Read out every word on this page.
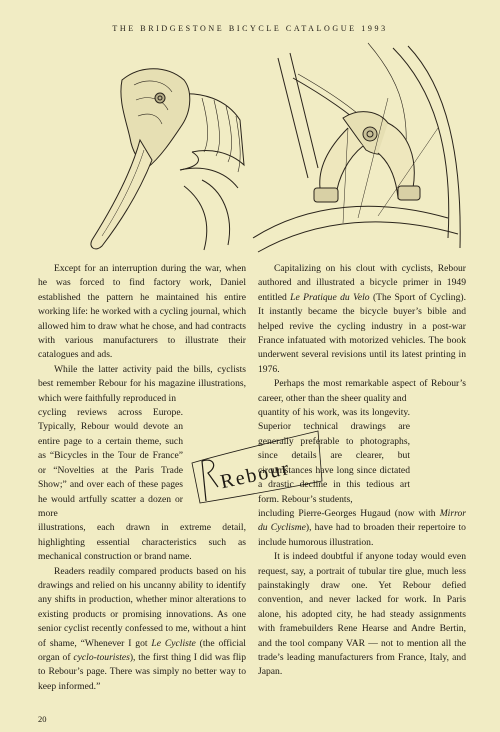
THE BRIDGESTONE BICYCLE CATALOGUE 1993

Except for an interruption during the war, when he was forced to find factory work, Daniel established the pattern he maintained his entire working life: he worked with a cycling journal, which allowed him to draw what he chose, and had contracts with various manufacturers to illustrate their catalogues and ads.

While the latter activity paid the bills, cyclists best remember Rebour for his magazine illustrations, which were faithfully reproduced in

cycling reviews across Europe. Typically, Rebour would devote an entire page to a certain theme, such as “Bicycles in the Tour de France” or “Novelties at the Paris Trade Show;” and over each of these pages he would artfully scatter a dozen or more

illustrations, each drawn in extreme detail, highlighting essential characteristics such as mechanical construction or brand name.

Readers readily compared products based on his drawings and relied on his uncanny ability to identify any shifts in production, whether minor alterations to existing products or promising innovations. As one senior cyclist recently confessed to me, without a hint of shame, “Whenever I got Le Cycliste (the official organ of cyclo-touristes), the first thing I did was flip to Rebour’s page. There was simply no better way to keep informed.”

Capitalizing on his clout with cyclists, Rebour authored and illustrated a bicycle primer in 1949 entitled Le Pratique du Velo (The Sport of Cycling). It instantly became the bicycle buyer’s bible and helped revive the cycling industry in a post-war France infatuated with motorized vehicles. The book underwent several revisions until its latest printing in 1976.

Perhaps the most remarkable aspect of Rebour’s career, other than the sheer quality and

quantity of his work, was its longevity. Superior technical drawings are generally preferable to photographs, since details are clearer, but circumstances have long since dictated a drastic decline in this tedious art form. Rebour’s students,

including Pierre-Georges Hugaud (now with Mirror du Cyclisme), have had to broaden their repertoire to include humorous illustration.

It is indeed doubtful if anyone today would even request, say, a portrait of tubular tire glue, much less painstakingly draw one. Yet Rebour defied convention, and never lacked for work. In Paris alone, his adopted city, he had steady assignments with framebuilders Rene Hearse and Andre Bertin, and the tool company VAR — not to mention all the trade’s leading manufacturers from France, Italy, and Japan.

Rebour
20
